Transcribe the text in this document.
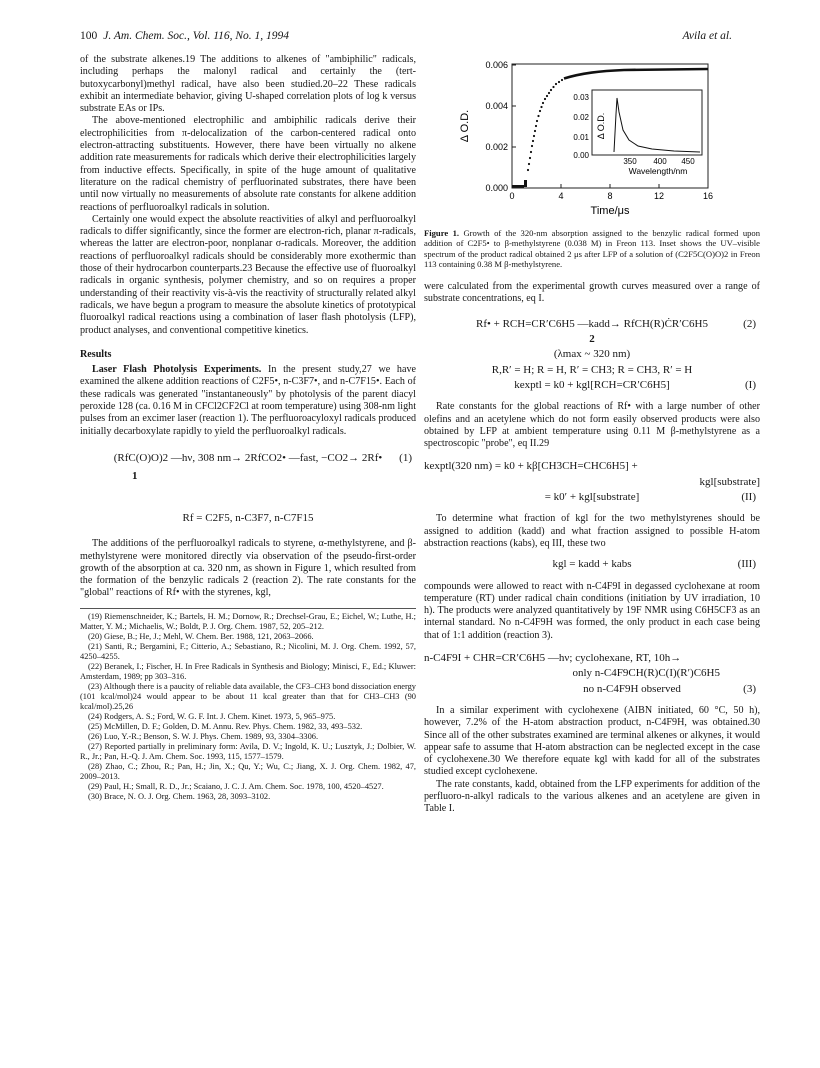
100 J. Am. Chem. Soc., Vol. 116, No. 1, 1994	Avila et al.

of the substrate alkenes.19 The additions to alkenes of "ambiphilic" radicals, including perhaps the malonyl radical and certainly the (tert-butoxycarbonyl)methyl radical, have also been studied.20–22 These radicals exhibit an intermediate behavior, giving U-shaped correlation plots of log k versus substrate EAs or IPs.

The above-mentioned electrophilic and ambiphilic radicals derive their electrophilicities from π-delocalization of the carbon-centered radical onto electron-attracting substituents. However, there have been virtually no alkene addition rate measurements for radicals which derive their electrophilicities largely from inductive effects. Specifically, in spite of the huge amount of qualitative literature on the radical chemistry of perfluorinated substrates, there have been until now virtually no measurements of absolute rate constants for alkene addition reactions of perfluoroalkyl radicals in solution.

Certainly one would expect the absolute reactivities of alkyl and perfluoroalkyl radicals to differ significantly, since the former are electron-rich, planar π-radicals, whereas the latter are electron-poor, nonplanar σ-radicals. Moreover, the addition reactions of perfluoroalkyl radicals should be considerably more exothermic than those of their hydrocarbon counterparts.23 Because the effective use of fluoroalkyl radicals in organic synthesis, polymer chemistry, and so on requires a proper understanding of their reactivity vis-à-vis the reactivity of structurally related alkyl radicals, we have begun a program to measure the absolute kinetics of prototypical fluoroalkyl radical reactions using a combination of laser flash photolysis (LFP), product analyses, and conventional competitive kinetics.

Results

Laser Flash Photolysis Experiments. In the present study,27 we have examined the alkene addition reactions of C2F5•, n-C3F7•, and n-C7F15•. Each of these radicals was generated "instantaneously" by photolysis of the parent diacyl peroxide 128 (ca. 0.16 M in CFCl2CF2Cl at room temperature) using 308-nm light pulses from an excimer laser (reaction 1). The perfluoroacyloxyl radicals produced initially decarboxylate rapidly to yield the perfluoroalkyl radicals.

(RfC(O)O)2 —hν, 308 nm→ 2RfCO2• —fast, −CO2→ 2Rf•	(1)
1
Rf = C2F5, n-C3F7, n-C7F15

The additions of the perfluoroalkyl radicals to styrene, α-methylstyrene, and β-methylstyrene were monitored directly via observation of the pseudo-first-order growth of the absorption at ca. 320 nm, as shown in Figure 1, which resulted from the formation of the benzylic radicals 2 (reaction 2). The rate constants for the "global" reactions of Rf• with the styrenes, kgl,

(19) Riemenschneider, K.; Bartels, H. M.; Dornow, R.; Drechsel-Grau, E.; Eichel, W.; Luthe, H.; Matter, Y. M.; Michaelis, W.; Boldt, P. J. Org. Chem. 1987, 52, 205–212.

(20) Giese, B.; He, J.; Mehl, W. Chem. Ber. 1988, 121, 2063–2066.

(21) Santi, R.; Bergamini, F.; Citterio, A.; Sebastiano, R.; Nicolini, M. J. Org. Chem. 1992, 57, 4250–4255.

(22) Beranek, I.; Fischer, H. In Free Radicals in Synthesis and Biology; Minisci, F., Ed.; Kluwer: Amsterdam, 1989; pp 303–316.

(23) Although there is a paucity of reliable data available, the CF3–CH3 bond dissociation energy (101 kcal/mol)24 would appear to be about 11 kcal greater than that for CH3–CH3 (90 kcal/mol).25,26

(24) Rodgers, A. S.; Ford, W. G. F. Int. J. Chem. Kinet. 1973, 5, 965–975.

(25) McMillen, D. F.; Golden, D. M. Annu. Rev. Phys. Chem. 1982, 33, 493–532.

(26) Luo, Y.-R.; Benson, S. W. J. Phys. Chem. 1989, 93, 3304–3306.

(27) Reported partially in preliminary form: Avila, D. V.; Ingold, K. U.; Lusztyk, J.; Dolbier, W. R., Jr.; Pan, H.-Q. J. Am. Chem. Soc. 1993, 115, 1577–1579.

(28) Zhao, C.; Zhou, R.; Pan, H.; Jin, X.; Qu, Y.; Wu, C.; Jiang, X. J. Org. Chem. 1982, 47, 2009–2013.

(29) Paul, H.; Small, R. D., Jr.; Scaiano, J. C. J. Am. Chem. Soc. 1978, 100, 4520–4527.

(30) Brace, N. O. J. Org. Chem. 1963, 28, 3093–3102.

0.000
0.002
0.004
0.006
0	4	8	12	16
Time/μs
Δ O.D.
0.03
0.02
0.01
0.00
Δ O.D.
350 400 450
Wavelength/nm
Figure 1. Growth of the 320-nm absorption assigned to the benzylic radical formed upon addition of C2F5• to β-methylstyrene (0.038 M) in Freon 113. Inset shows the UV–visible spectrum of the product radical obtained 2 μs after LFP of a solution of (C2F5C(O)O)2 in Freon 113 containing 0.38 M β-methylstyrene.

were calculated from the experimental growth curves measured over a range of substrate concentrations, eq I.

Rf• + RCH=CR′C6H5 —kadd→ RfCH(R)ĊR′C6H5	(2)
2
(λmax ~ 320 nm)
R,R′ = H; R = H, R′ = CH3; R = CH3, R′ = H
kexptl = k0 + kgl[RCH=CR′C6H5]	(I)

Rate constants for the global reactions of Rf• with a large number of other olefins and an acetylene which do not form easily observed products were also obtained by LFP at ambient temperature using 0.11 M β-methylstyrene as a spectroscopic "probe", eq II.29

kexptl(320 nm) = k0 + kβ[CH3CH=CHC6H5] +
kgl[substrate]
= k0′ + kgl[substrate]	(II)

To determine what fraction of kgl for the two methylstyrenes should be assigned to addition (kadd) and what fraction assigned to possible H-atom abstraction reactions (kabs), eq III, these two

kgl = kadd + kabs	(III)

compounds were allowed to react with n-C4F9I in degassed cyclohexane at room temperature (RT) under radical chain conditions (initiation by UV irradiation, 10 h). The products were analyzed quantitatively by 19F NMR using C6H5CF3 as an internal standard. No n-C4F9H was formed, the only product in each case being that of 1:1 addition (reaction 3).

n-C4F9I + CHR=CR′C6H5 —hν; cyclohexane, RT, 10h→
only n-C4F9CH(R)C(I)(R′)C6H5
no n-C4F9H observed	(3)

In a similar experiment with cyclohexene (AIBN initiated, 60 °C, 50 h), however, 7.2% of the H-atom abstraction product, n-C4F9H, was obtained.30 Since all of the other substrates examined are terminal alkenes or alkynes, it would appear safe to assume that H-atom abstraction can be neglected except in the case of cyclohexene.30 We therefore equate kgl with kadd for all of the substrates studied except cyclohexene.

The rate constants, kadd, obtained from the LFP experiments for addition of the perfluoro-n-alkyl radicals to the various alkenes and an acetylene are given in Table I.
